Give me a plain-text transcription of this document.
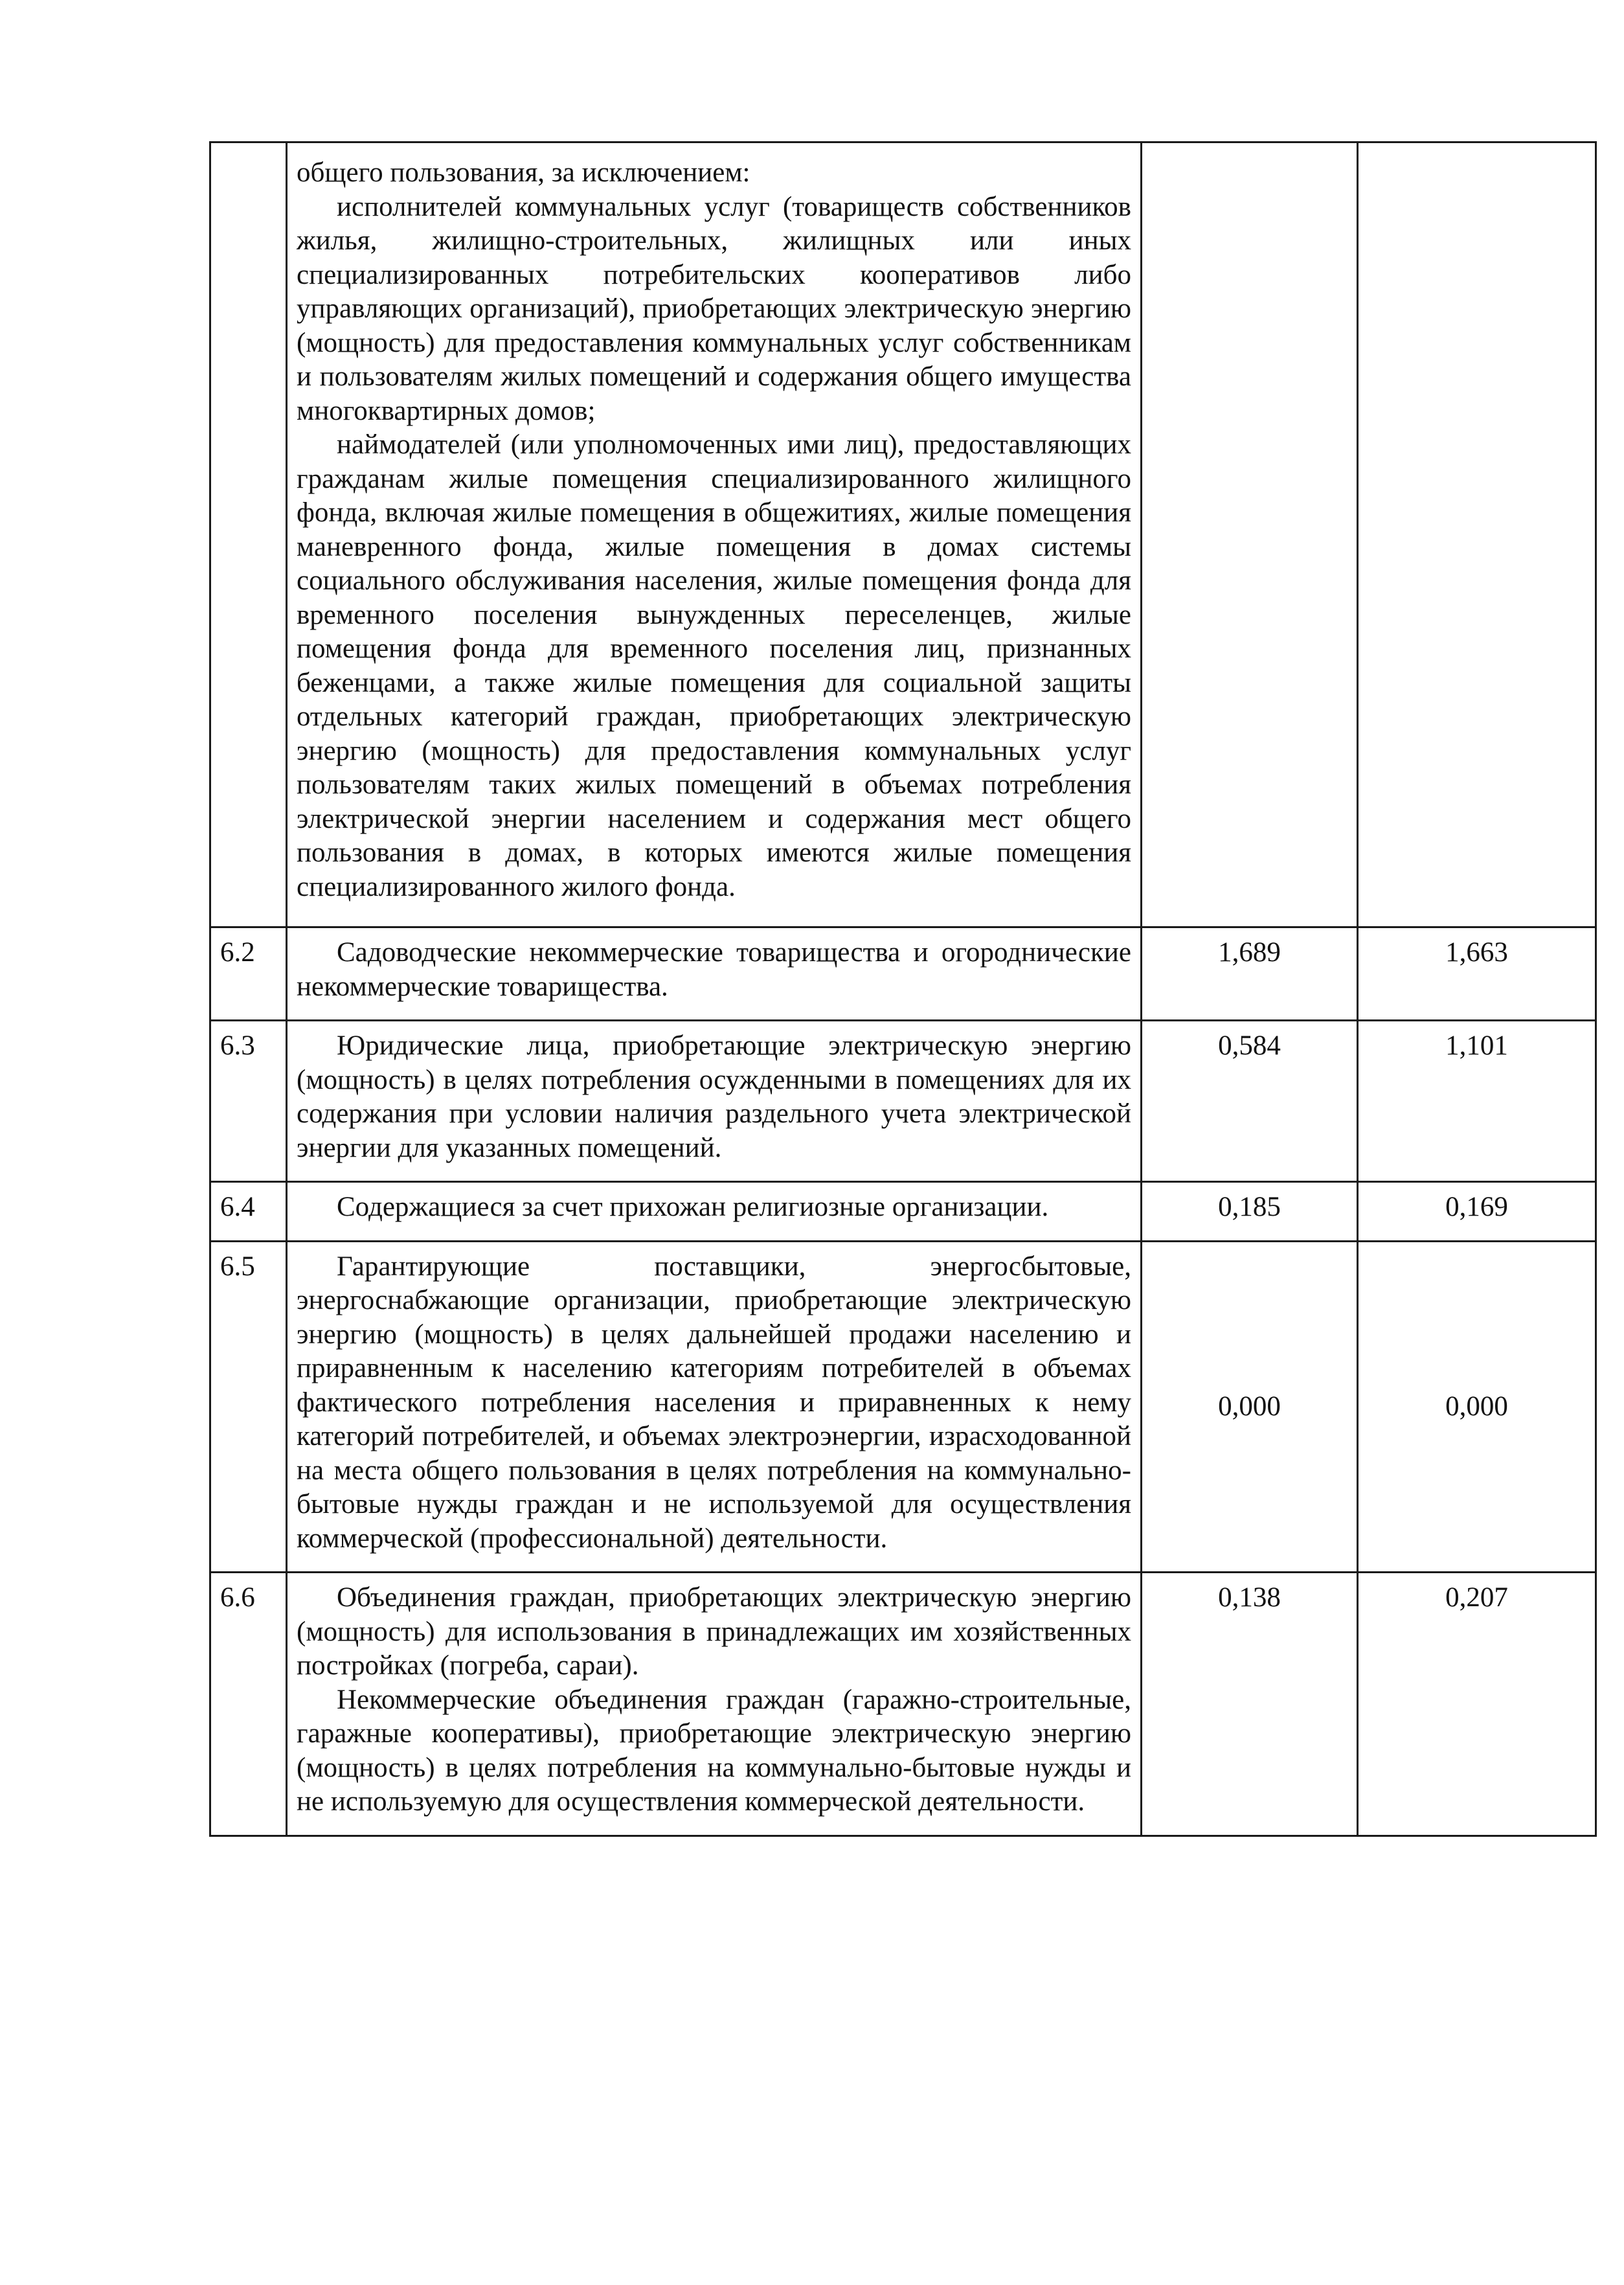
	общего пользования, за исключением:

исполнителей коммунальных услуг (товариществ собственников жилья, жилищно-строительных, жилищных или иных специализированных потребительских кооперативов либо управляющих организаций), приобретающих электрическую энергию (мощность) для предоставления коммунальных услуг собственникам и пользователям жилых помещений и содержания общего имущества многоквартирных домов;

наймодателей (или уполномоченных ими лиц), предоставляющих гражданам жилые помещения специализированного жилищного фонда, включая жилые помещения в общежитиях, жилые помещения маневренного фонда, жилые помещения в домах системы социального обслуживания населения, жилые помещения фонда для временного поселения вынужденных переселенцев, жилые помещения фонда для временного поселения лиц, признанных беженцами, а также жилые помещения для социальной защиты отдельных категорий граждан, приобретающих электрическую энергию (мощность) для предоставления коммунальных услуг пользователям таких жилых помещений в объемах потребления электрической энергии населением и содержания мест общего пользования в домах, в которых имеются жилые помещения специализированного жилого фонда.		

6.2	Садоводческие некоммерческие товарищества и огороднические некоммерческие товарищества.	1,689	1,663
6.3	Юридические лица, приобретающие электрическую энергию (мощность) в целях потребления осужденными в помещениях для их содержания при условии наличия раздельного учета электрической энергии для указанных помещений.	0,584	1,101
6.4	Содержащиеся за счет прихожан религиозные организации.	0,185	0,169
6.5	Гарантирующие поставщики, энергосбытовые, энергоснабжающие организации, приобретающие электрическую энергию (мощность) в целях дальнейшей продажи населению и приравненным к населению категориям потребителей в объемах фактического потребления населения и приравненных к нему категорий потребителей, и объемах электроэнергии, израсходованной на места общего пользования в целях потребления на коммунально-бытовые нужды граждан и не используемой для осуществления коммерческой (профессиональной) деятельности.	0,000	0,000
6.6	Объединения граждан, приобретающих электрическую энергию (мощность) для использования в принадлежащих им хозяйственных постройках (погреба, сараи).

Некоммерческие объединения граждан (гаражно-строительные, гаражные кооперативы), приобретающие электрическую энергию (мощность) в целях потребления на коммунально-бытовые нужды и не используемую для осуществления коммерческой деятельности.	0,138	0,207
